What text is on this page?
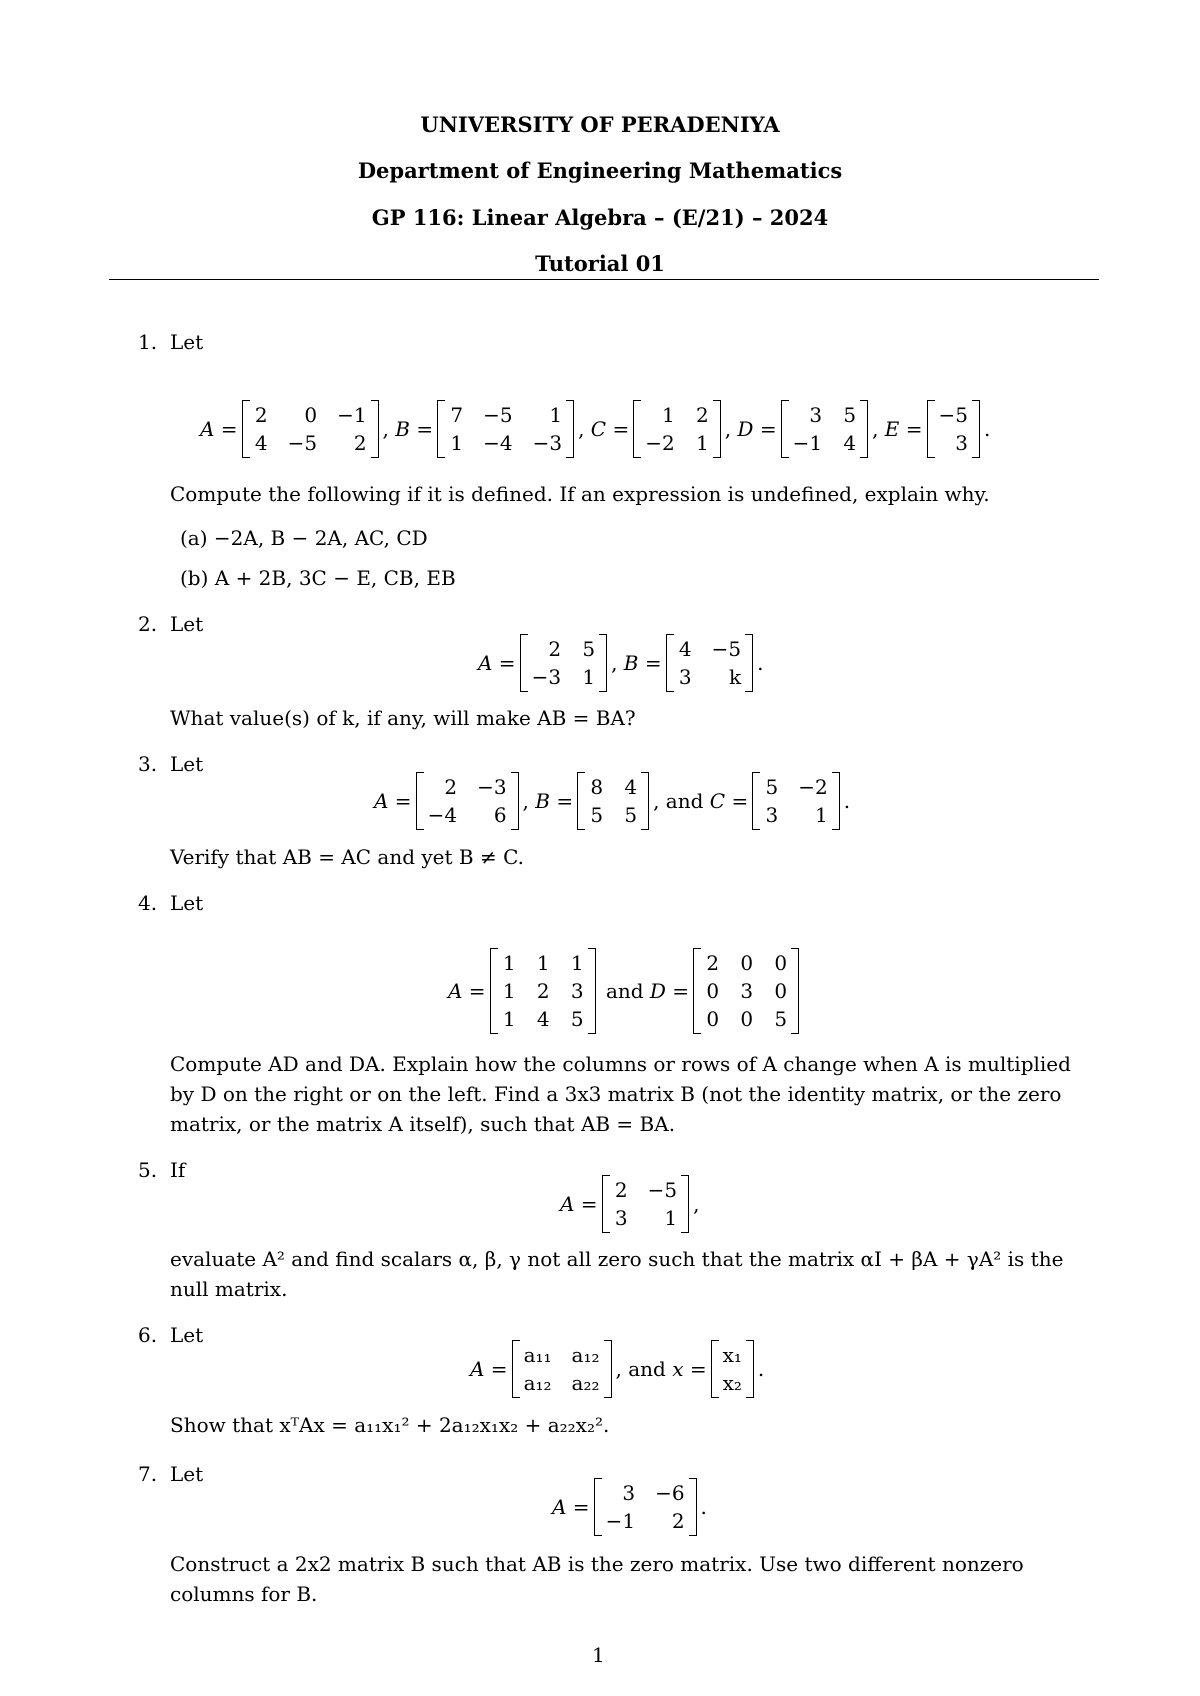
UNIVERSITY OF PERADENIYA
Department of Engineering Mathematics
GP 116: Linear Algebra – (E/21) – 2024
Tutorial 01
1. Let
A =
2	0 −1
4 −5	2
, B =
7 −5	1
1 −4 −3
, C =
1 2
−2 1
, D =
3 5
−1 4
, E =
−5
3
.
Compute the following if it is defined. If an expression is undefined, explain why.
(a) −2A, B − 2A, AC, CD
(b) A + 2B, 3C − E, CB, EB
2. Let
A =
2 5
−3 1
, B =
4 −5
3	k
.
What value(s) of k, if any, will make AB = BA?
3. Let
A =
2 −3
−4	6
, B =
8 4
5 5
, and
C =
5 −2
3	1
.
Verify that AB = AC and yet B ≠ C.
4. Let
A =
1 1 1
1 2 3
1 4 5

and
D =
2 0 0
0 3 0
0 0 5
Compute AD and DA. Explain how the columns or rows of A change when A is multiplied
by D on the right or on the left. Find a 3x3 matrix B (not the identity matrix, or the zero
matrix, or the matrix A itself), such that AB = BA.
5. If
A =
2 −5
3	1
,
evaluate A² and find scalars α, β, γ not all zero such that the matrix αI + βA + γA² is the
null matrix.
6. Let
A =
a₁₁ a₁₂
a₁₂ a₂₂
, and
x =
x₁
x₂
.
Show that xᵀAx = a₁₁x₁² + 2a₁₂x₁x₂ + a₂₂x₂².
7. Let
A =
3 −6
−1	2
.
Construct a 2x2 matrix B such that AB is the zero matrix. Use two different nonzero
columns for B.
1
